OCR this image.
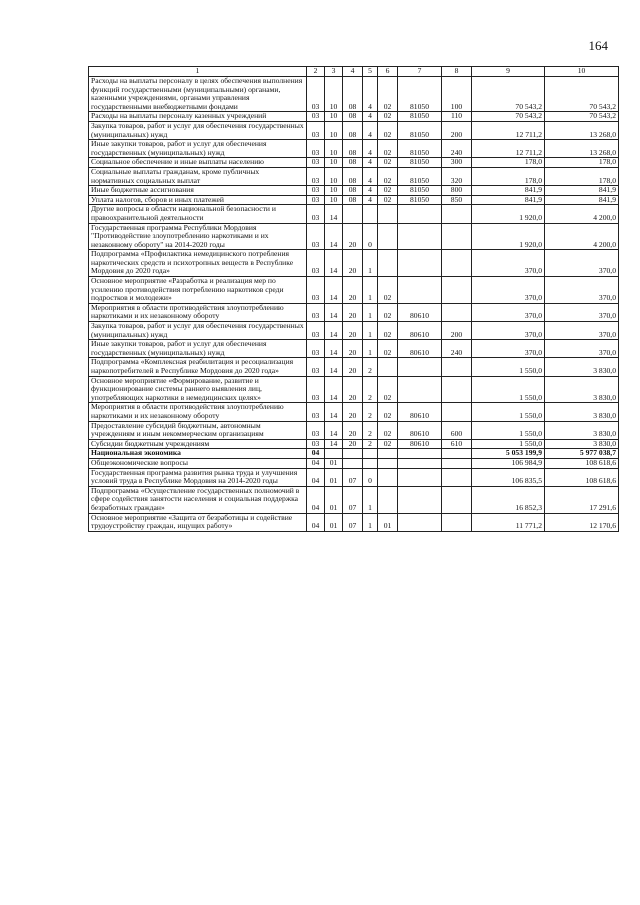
164
1	2	3	4	5	6	7	8	9	10
Расходы на выплаты персоналу в целях обеспечения выполнения функций государственными (муниципальными) органами, казенными учреждениями, органами управления государственными внебюджетными фондами	03	10	08	4	02	81050	100	70 543,2	70 543,2
Расходы на выплаты персоналу казенных учреждений	03	10	08	4	02	81050	110	70 543,2	70 543,2
Закупка товаров, работ и услуг для обеспечения государственных (муниципальных) нужд	03	10	08	4	02	81050	200	12 711,2	13 268,0
Иные закупки товаров, работ и услуг для обеспечения государственных (муниципальных) нужд	03	10	08	4	02	81050	240	12 711,2	13 268,0
Социальное обеспечение и иные выплаты населению	03	10	08	4	02	81050	300	178,0	178,0
Социальные выплаты гражданам, кроме публичных нормативных социальных выплат	03	10	08	4	02	81050	320	178,0	178,0
Иные бюджетные ассигнования	03	10	08	4	02	81050	800	841,9	841,9
Уплата налогов, сборов и иных платежей	03	10	08	4	02	81050	850	841,9	841,9
Другие вопросы в области национальной безопасности и правоохранительной деятельности	03	14						1 920,0	4 200,0
Государственная программа Республики Мордовия "Противодействие злоупотреблению наркотиками и их незаконному обороту" на 2014-2020 годы	03	14	20	0				1 920,0	4 200,0
Подпрограмма «Профилактика немедицинского потребления наркотических средств и психотропных веществ в Республике Мордовия до 2020 года»	03	14	20	1				370,0	370,0
Основное мероприятие «Разработка и реализация мер по усилению противодействия потреблению наркотиков среди подростков и молодежи»	03	14	20	1	02			370,0	370,0
Мероприятия в области противодействия злоупотреблению наркотиками и их незаконному обороту	03	14	20	1	02	80610		370,0	370,0
Закупка товаров, работ и услуг для обеспечения государственных (муниципальных) нужд	03	14	20	1	02	80610	200	370,0	370,0
Иные закупки товаров, работ и услуг для обеспечения государственных (муниципальных) нужд	03	14	20	1	02	80610	240	370,0	370,0
Подпрограмма «Комплексная реабилитация и ресоциализация наркопотребителей в Республике Мордовия до 2020 года»	03	14	20	2				1 550,0	3 830,0
Основное мероприятие «Формирование, развитие и функционирование системы раннего выявления лиц, употребляющих наркотики в немедицинских целях»	03	14	20	2	02			1 550,0	3 830,0
Мероприятия в области противодействия злоупотреблению наркотиками и их незаконному обороту	03	14	20	2	02	80610		1 550,0	3 830,0
Предоставление субсидий бюджетным, автономным учреждениям и иным некоммерческим организациям	03	14	20	2	02	80610	600	1 550,0	3 830,0
Субсидии бюджетным учреждениям	03	14	20	2	02	80610	610	1 550,0	3 830,0
Национальная экономика	04							5 053 199,9	5 977 038,7
Общеэкономические вопросы	04	01						106 984,9	108 618,6
Государственная программа развития рынка труда и улучшения условий труда в Республике Мордовия на 2014-2020 годы	04	01	07	0				106 835,5	108 618,6
Подпрограмма «Осуществление государственных полномочий в сфере содействия занятости населения и социальная поддержка безработных граждан»	04	01	07	1				16 852,3	17 291,6
Основное мероприятие «Защита от безработицы и содействие трудоустройству граждан, ищущих работу»	04	01	07	1	01			11 771,2	12 170,6
